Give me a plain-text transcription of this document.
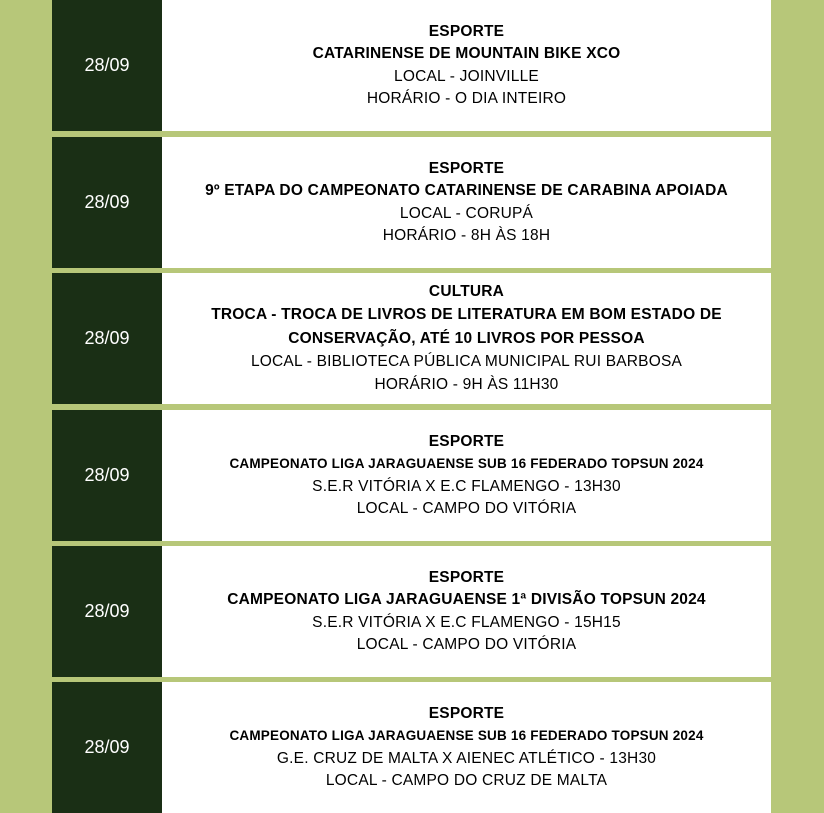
28/09
ESPORTE
CATARINENSE DE MOUNTAIN BIKE XCO
LOCAL - JOINVILLE
HORÁRIO - O DIA INTEIRO
28/09
ESPORTE
9º ETAPA DO CAMPEONATO CATARINENSE DE CARABINA APOIADA
LOCAL - CORUPÁ
HORÁRIO - 8H ÀS 18H
28/09
CULTURA
TROCA - TROCA DE LIVROS DE LITERATURA EM BOM ESTADO DE CONSERVAÇÃO, ATÉ 10 LIVROS POR PESSOA
LOCAL - BIBLIOTECA PÚBLICA MUNICIPAL RUI BARBOSA
HORÁRIO - 9H ÀS 11H30
28/09
ESPORTE
CAMPEONATO LIGA JARAGUAENSE SUB 16 FEDERADO TOPSUN 2024
S.E.R VITÓRIA X E.C FLAMENGO - 13H30
LOCAL - CAMPO DO VITÓRIA
28/09
ESPORTE
CAMPEONATO LIGA JARAGUAENSE 1ª DIVISÃO TOPSUN 2024
S.E.R VITÓRIA X E.C FLAMENGO - 15H15
LOCAL - CAMPO DO VITÓRIA
28/09
ESPORTE
CAMPEONATO LIGA JARAGUAENSE SUB 16 FEDERADO TOPSUN 2024
G.E. CRUZ DE MALTA X AIENEC ATLÉTICO - 13H30
LOCAL - CAMPO DO CRUZ DE MALTA
